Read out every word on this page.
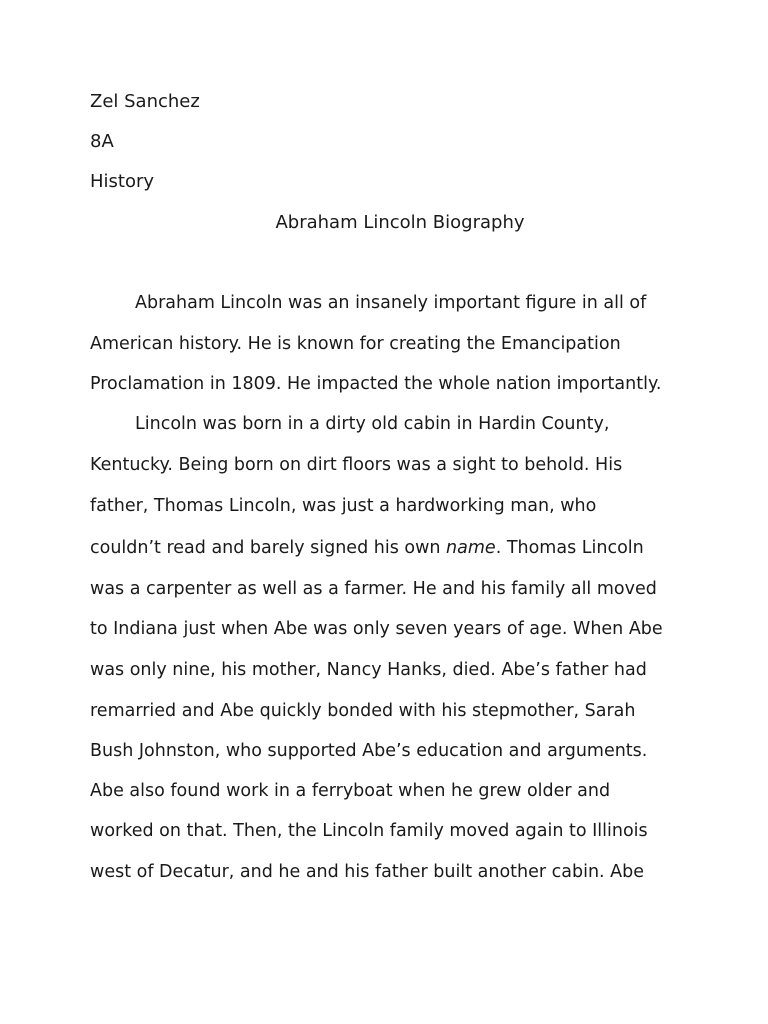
Zel Sanchez
8A
History
Abraham Lincoln Biography
Abraham Lincoln was an insanely important figure in all of
American history. He is known for creating the Emancipation
Proclamation in 1809. He impacted the whole nation importantly.
Lincoln was born in a dirty old cabin in Hardin County,
Kentucky. Being born on dirt floors was a sight to behold. His
father, Thomas Lincoln, was just a hardworking man, who
couldn’t read and barely signed his own name. Thomas Lincoln
was a carpenter as well as a farmer. He and his family all moved
to Indiana just when Abe was only seven years of age. When Abe
was only nine, his mother, Nancy Hanks, died. Abe’s father had
remarried and Abe quickly bonded with his stepmother, Sarah
Bush Johnston, who supported Abe’s education and arguments.
Abe also found work in a ferryboat when he grew older and
worked on that. Then, the Lincoln family moved again to Illinois
west of Decatur, and he and his father built another cabin. Abe
